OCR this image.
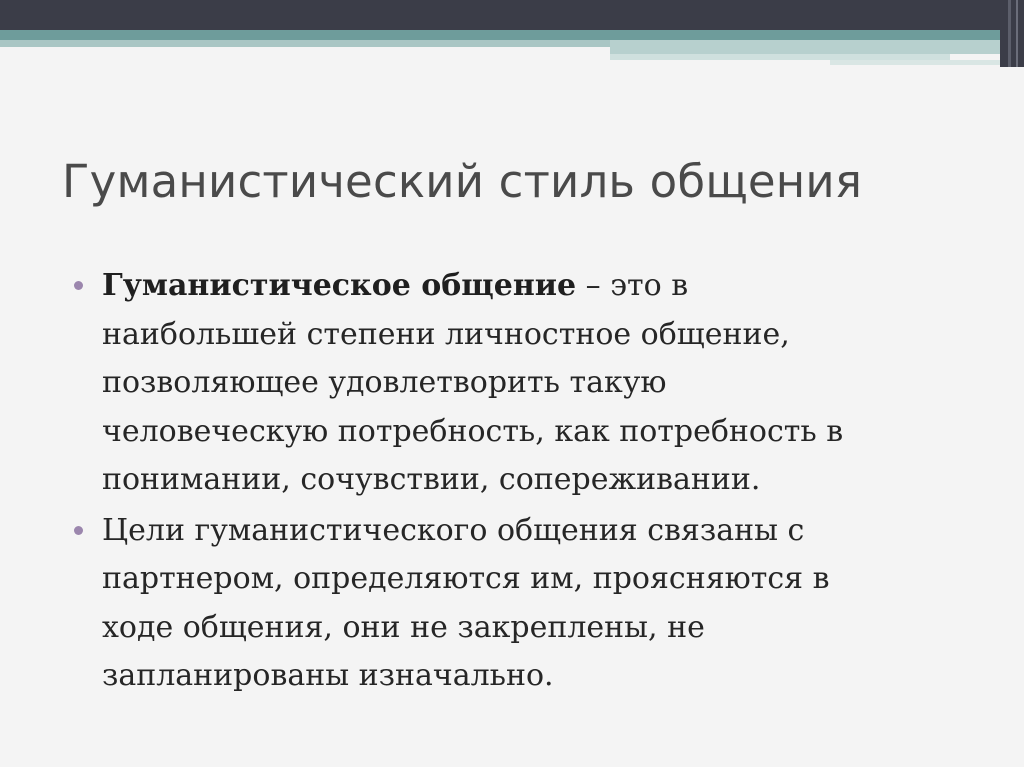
Гуманистический стиль общения
Гуманистическое общение – это в
наибольшей степени личностное общение,
позволяющее удовлетворить такую
человеческую потребность, как потребность в
понимании, сочувствии, сопереживании.
Цели гуманистического общения связаны с
партнером, определяются им, проясняются в
ходе общения, они не закреплены, не
запланированы изначально.
